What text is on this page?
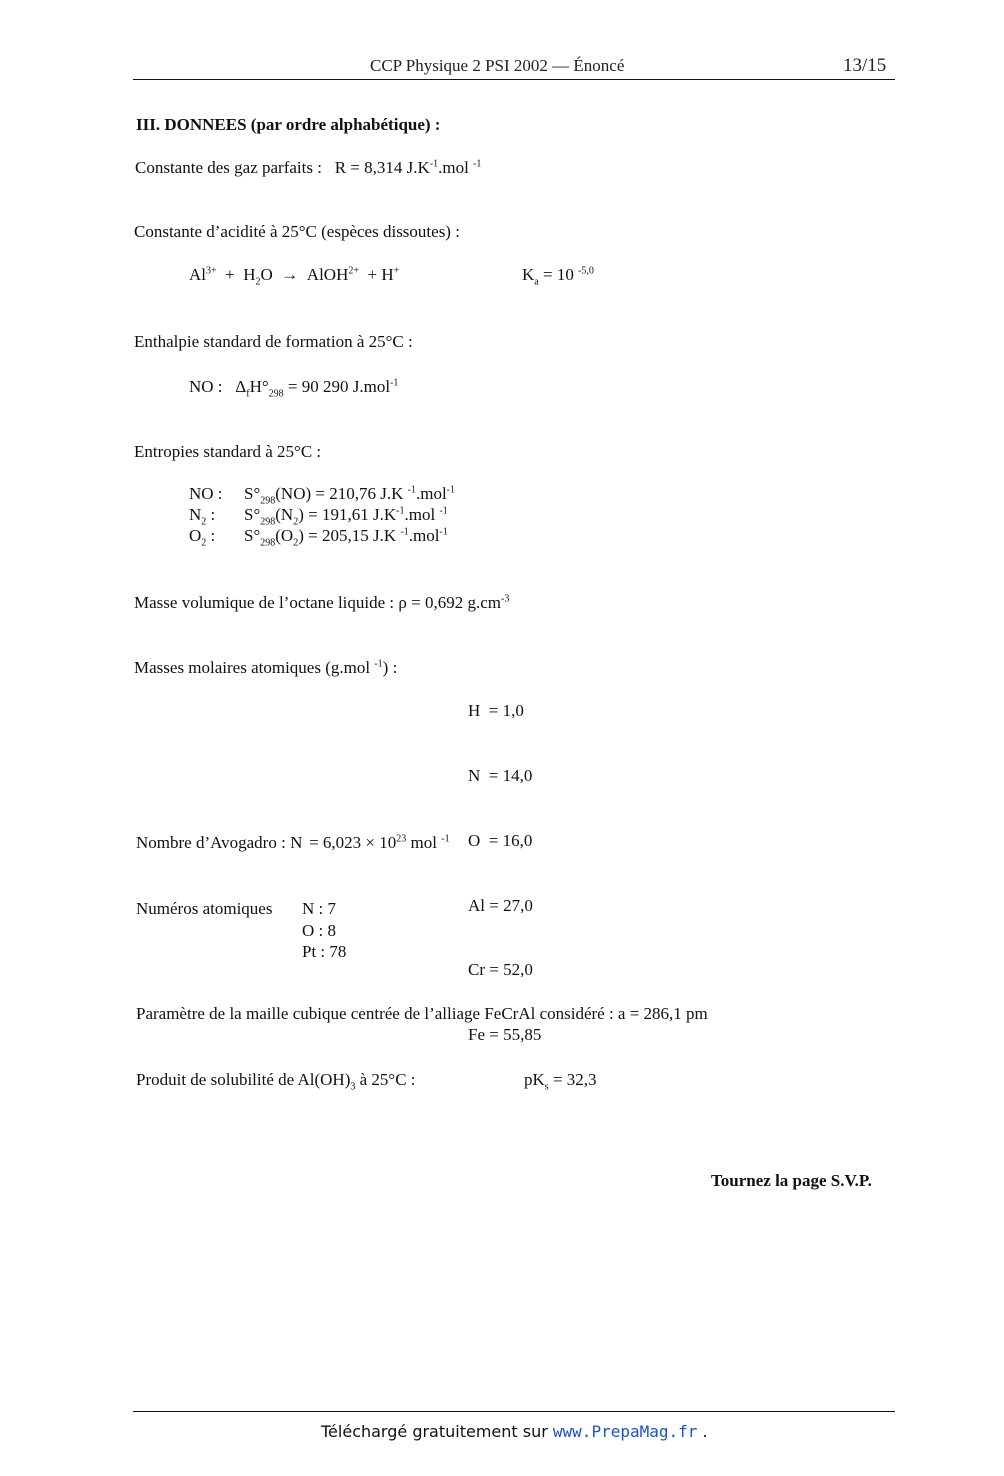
CCP Physique 2 PSI 2002 — Énoncé	13/15
III. DONNEES (par ordre alphabétique) :
Constante des gaz parfaits : R = 8,314 $J.K^{-1}.mol$ $^{-1}$
Constante d’acidité à 25°C (espèces dissoutes) :
$Al^{3+} + H_2O$ → AlOH$^{2+}$ + H+	$K_a = 10$ $^{-5,0}$
Enthalpie standard de formation à 25°C :
NO : $\Delta_fH^\circ_{298} = 90$ 290 J.mol$^{-1}$
Entropies standard à 25°C :
NO : $S^\circ_{298}(NO) = 210,76$ J.K $^{-1}$.mol$^{-1}$
$N_2$ : $S^\circ_{298}(N_2) = 191,61$ $J.K^{-1}.mol$ $^{-1}$
$O_2$ : $S^\circ_{298}(O_2) = 205,15$ J.K $^{-1}$.mol$^{-1}$
Masse volumique de l’octane liquide : ρ = 0,692 $g.cm^{-3}$
Masses molaires atomiques (g.mol $^{-1}$) :

H  = 1,0

N  = 14,0

O  = 16,0

Al = 27,0

Cr = 52,0

Fe = 55,85

Nombre d’Avogadro : $N = 6,023 \times 10^{23}$ mol $^{-1}$
Numéros atomiques N : 7
O : 8
Pt : 78
Paramètre de la maille cubique centrée de l’alliage FeCrAl considéré : a = 286,1 pm
Produit de solubilité de $Al(OH)_3$ à 25°C :	$pK_s = 32,3$
Tournez la page S.V.P.
Téléchargé gratuitement sur www.PrepaMag.fr .
